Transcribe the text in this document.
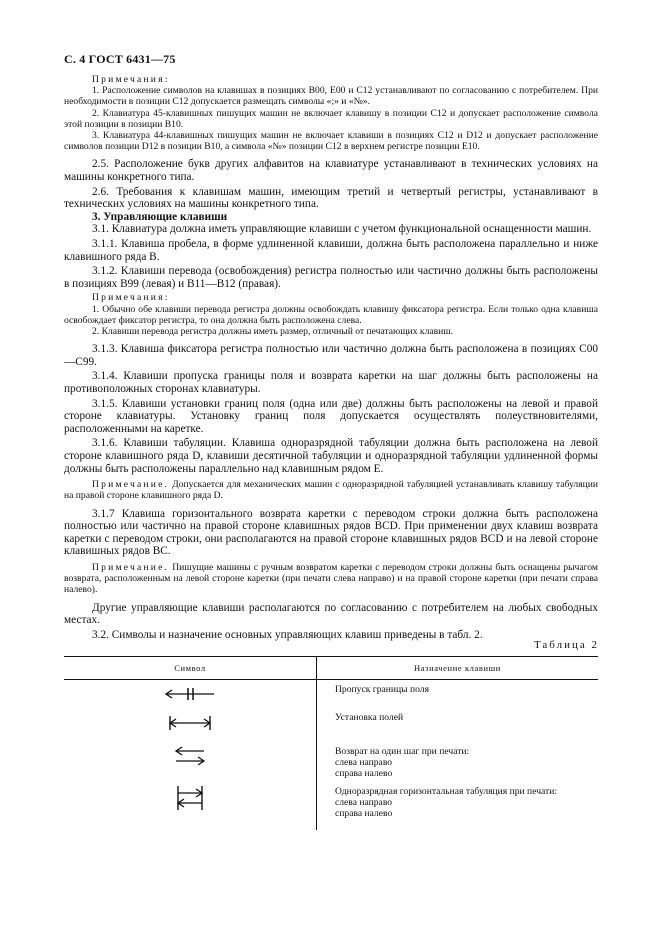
С. 4 ГОСТ 6431—75

Примечания:

1. Расположение символов на клавишах в позициях B00, E00 и C12 устанавливают по согласованию с потребителем. При необходимости в позиции C12 допускается размещать символы «;» и «№».

2. Клавиатура 45-клавишных пишущих машин не включает клавишу в позиции C12 и допускает расположение символа этой позиции в позиции B10.

3. Клавиатура 44-клавишных пишущих машин не включает клавиши в позициях C12 и D12 и допускает расположение символов позиции D12 в позиции B10, а символа «№» позиции C12 в верхнем регистре позиции E10.

2.5. Расположение букв других алфавитов на клавиатуре устанавливают в технических условиях на машины конкретного типа.

2.6. Требования к клавишам машин, имеющим третий и четвертый регистры, устанавливают в технических условиях на машины конкретного типа.

3. Управляющие клавиши

3.1. Клавиатура должна иметь управляющие клавиши с учетом функциональной оснащенности машин.

3.1.1. Клавиша пробела, в форме удлиненной клавиши, должна быть расположена параллельно и ниже клавишного ряда В.

3.1.2. Клавиши перевода (освобождения) регистра полностью или частично должны быть расположены в позициях B99 (левая) и B11—B12 (правая).

Примечания:

1. Обычно обе клавиши перевода регистра должны освобождать клавишу фиксатора регистра. Если только одна клавиша освобождает фиксатор регистра, то она должна быть расположена слева.

2. Клавиши перевода регистра должны иметь размер, отличный от печатающих клавиш.

3.1.3. Клавиша фиксатора регистра полностью или частично должна быть расположена в позициях C00—C99.

3.1.4. Клавиши пропуска границы поля и возврата каретки на шаг должны быть расположены на противоположных сторонах клавиатуры.

3.1.5. Клавиши установки границ поля (одна или две) должны быть расположены на левой и правой стороне клавиатуры. Установку границ поля допускается осуществлять полеуствновителями, расположенными на каретке.

3.1.6. Клавиши табуляции. Клавиша одноразрядной табуляции должна быть расположена на левой стороне клавишного ряда D, клавиши десятичной табуляции и одноразрядной табуляции удлиненной формы должны быть расположены параллельно над клавишным рядом Е.

Примечание. Допускается для механических машин с одноразрядной табуляцией устанавливать клавишу табуляции на правой стороне клавишного ряда D.

3.1.7 Клавиша горизонтального возврата каретки с переводом строки должна быть расположена полностью или частично на правой стороне клавишных рядов BCD. При применении двух клавиш возврата каретки с переводом строки, они располагаются на правой стороне клавишных рядов BCD и на левой стороне клавишных рядов BC.

Примечание. Пишущие машины с ручным возвратом каретки с переводом строки должны быть оснащены рычагом возврата, расположенным на левой стороне каретки (при печати слева направо) и на правой стороне каретки (при печати справа налево).

Другие управляющие клавиши располагаются по согласованию с потребителем на любых свободных местах.

3.2. Символы и назначение основных управляющих клавиш приведены в табл. 2.

Таблица 2
Символ	Назначение клавиши

Пропуск границы поля

Установка полей

Возврат на один шаг при печати:
слева направо
справа налево

Одноразрядная горизонтальная табуляция при печати:
слева направо
справа налево
